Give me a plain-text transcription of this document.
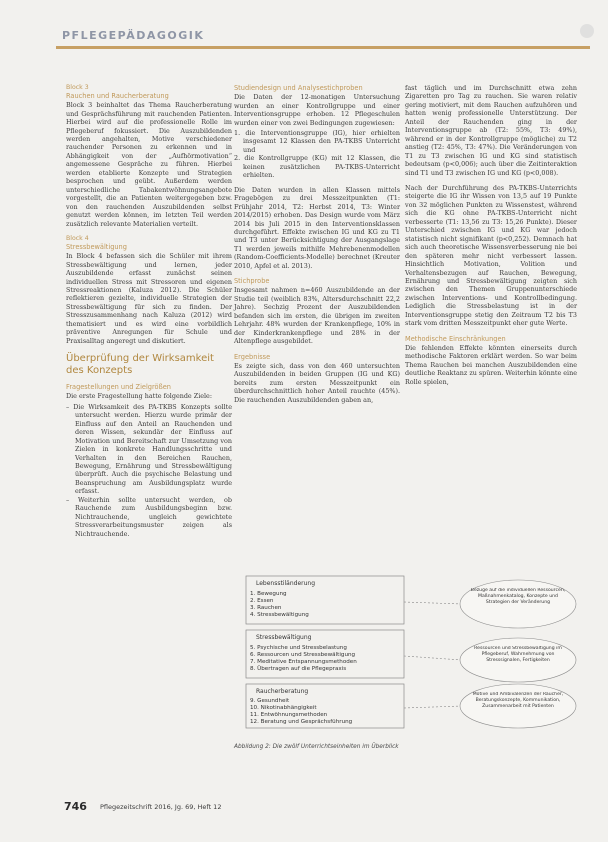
PFLEGEPÄDAGOGIK
Block 3
Rauchen und Raucherberatung

Block 3 beinhaltet das Thema Raucherberatung und Gesprächsführung mit rauchenden Patienten. Hierbei wird auf die professionelle Rolle im Pflegeberuf fokussiert. Die Auszubildenden werden angehalten, Motive verschiedener rauchender Personen zu erkennen und in Abhängigkeit von der „Aufhörmotivation“ angemessene Gespräche zu führen. Hierbei werden etablierte Konzepte und Strategien besprochen und geübt. Außerdem werden unterschiedliche Tabakentwöhnungsangebote vorgestellt, die an Patienten weitergegeben bzw. von den rauchenden Auszubildenden selbst genutzt werden können, im letzten Teil werden zusätzlich relevante Materialien verteilt.

Block 4
Stressbewältigung

In Block 4 befassen sich die Schüler mit ihrem Stressbewältigung und lernen, jeder Auszubildende erfasst zunächst seinen individuellen Stress mit Stressoren und eigenen Stressreaktionen (Kaluza 2012). Die Schüler reflektieren gezielte, individuelle Strategien der Stressbewältigung für sich zu finden. Der Stresszusammenhang nach Kaluza (2012) wird thematisiert und es wird eine vorbildlich präventive Anregungen für Schule und Praxisalltag angeregt und diskutiert.

Überprüfung der Wirksamkeit des Konzepts
Fragestellungen und Zielgrößen

Die erste Fragestellung hatte folgende Ziele:

– Die Wirksamkeit des PA-TKBS Konzepts sollte untersucht werden. Hierzu wurde primär der Einfluss auf den Anteil an Rauchenden und deren Wissen, sekundär der Einfluss auf Motivation und Bereitschaft zur Umsetzung von Zielen in konkrete Handlungsschritte und Verhalten in den Bereichen Rauchen, Bewegung, Ernährung und Stressbewältigung überprüft. Auch die psychische Belastung und Beanspruchung am Ausbildungsplatz wurde erfasst.
– Weiterhin sollte untersucht werden, ob Rauchende zum Ausbildungsbeginn bzw. Nichtrauchende, ungleich gewichtete Stressverarbeitungsmuster zeigen als Nichtrauchende.
Studiendesign und Analysestichproben

Die Daten der 12-monatigen Untersuchung wurden an einer Kontrollgruppe und einer Interventionsgruppe erhoben. 12 Pflegeschulen wurden einer von zwei Bedingungen zugewiesen:

1. die Interventionsgruppe (IG), hier erhielten insgesamt 12 Klassen den PA-TKBS Unterricht und
2. die Kontrollgruppe (KG) mit 12 Klassen, die keinen zusätzlichen PA-TKBS-Unterricht erhielten.

Die Daten wurden in allen Klassen mittels Fragebögen zu drei Messzeitpunkten (T1: Frühjahr 2014, T2: Herbst 2014, T3: Winter 2014/2015) erhoben. Das Design wurde vom März 2014 bis Juli 2015 in den Interventionsklassen durchgeführt. Effekte zwischen IG und KG zu T1 und T3 unter Berücksichtigung der Ausgangslage T1 werden jeweils mithilfe Mehrebenenmodellen (Random-Coefficients-Modelle) berechnet (Kreuter 2010, Apfel et al. 2013).

Stichprobe

Insgesamt nahmen n=460 Auszubildende an der Studie teil (weiblich 83%, Altersdurchschnitt 22,2 Jahre). Sechzig Prozent der Auszubildenden befanden sich im ersten, die übrigen im zweiten Lehrjahr. 48% wurden der Krankenpflege, 10% in der Kinderkrankenpflege und 28% in der Altenpflege ausgebildet.

Ergebnisse

Es zeigte sich, dass von den 460 untersuchten Auszubildenden in beiden Gruppen (IG und KG) bereits zum ersten Messzeitpunkt ein überdurchschnittlich hoher Anteil rauchte (45%). Die rauchenden Auszubildenden gaben an,

fast täglich und im Durchschnitt etwa zehn Zigaretten pro Tag zu rauchen. Sie waren relativ gering motiviert, mit dem Rauchen aufzuhören und hatten wenig professionelle Unterstützung. Der Anteil der Rauchenden ging in der Interventionsgruppe ab (T2: 55%, T3: 49%), während er in der Kontrollgruppe (mögliche) zu T2 anstieg (T2: 45%, T3: 47%). Die Veränderungen von T1 zu T3 zwischen IG und KG sind statistisch bedeutsam (p<0,006); auch über die Zeitinteraktion sind T1 und T3 zwischen IG und KG (p<0,008).

Nach der Durchführung des PA-TKBS-Unterrichts steigerte die IG ihr Wissen von 13,5 auf 19 Punkte von 32 möglichen Punkten zu Wissenstest, während sich die KG ohne PA-TKBS-Unterricht nicht verbesserte (T1: 13,56 zu T3: 15,26 Punkte). Dieser Unterschied zwischen IG und KG war jedoch statistisch nicht signifikant (p<0,252). Demnach hat sich auch theoretische Wissensverbesserung nie bei den späteren mehr nicht verbessert lassen. Hinsichtlich Motivation, Volition und Verhaltensbezugen auf Rauchen, Bewegung, Ernährung und Stressbewältigung zeigten sich zwischen den Themen Gruppenunterschiede zwischen Interventions- und Kontrollbedingung. Lediglich die Stressbelastung ist in der Interventionsgruppe stetig den Zeitraum T2 bis T3 stark vom dritten Messzeitpunkt eher gute Werte.

Methodische Einschränkungen

Die fehlenden Effekte könnten einerseits durch methodische Faktoren erklärt werden. So war beim Thema Rauchen bei manchen Auszubildenden eine deutliche Reaktanz zu spüren. Weiterhin könnte eine Rolle spielen,

Lebensstiländerung
1. Bewegung
2. Essen
3. Rauchen
4. Stressbewältigung
Stressbewältigung
5. Psychische und Stressbelastung
6. Ressourcen und Stressbewältigung
7. Meditative Entspannungsmethoden
8. Übertragen auf die Pflegepraxis
Raucherberatung
9. Gesundheit
10. Nikotinabhängigkeit
11. Entwöhnungsmethoden
12. Beratung und Gesprächsführung
Bezüge auf die individuellen Ressourcen, Maßnahmenkatalog, Konzepte und Strategien der Veränderung
Ressourcen und Stressbewältigung im Pflegeberuf, Wahrnehmung von Stresssignalen, Fertigkeiten
Motive und Ambivalenzen der Raucher, Beratungskonzepte, Kommunikation, Zusammenarbeit mit Patienten
Abbildung 2: Die zwölf Unterrichtseinheiten im Überblick
746 Pflegezeitschrift 2016, Jg. 69, Heft 12
